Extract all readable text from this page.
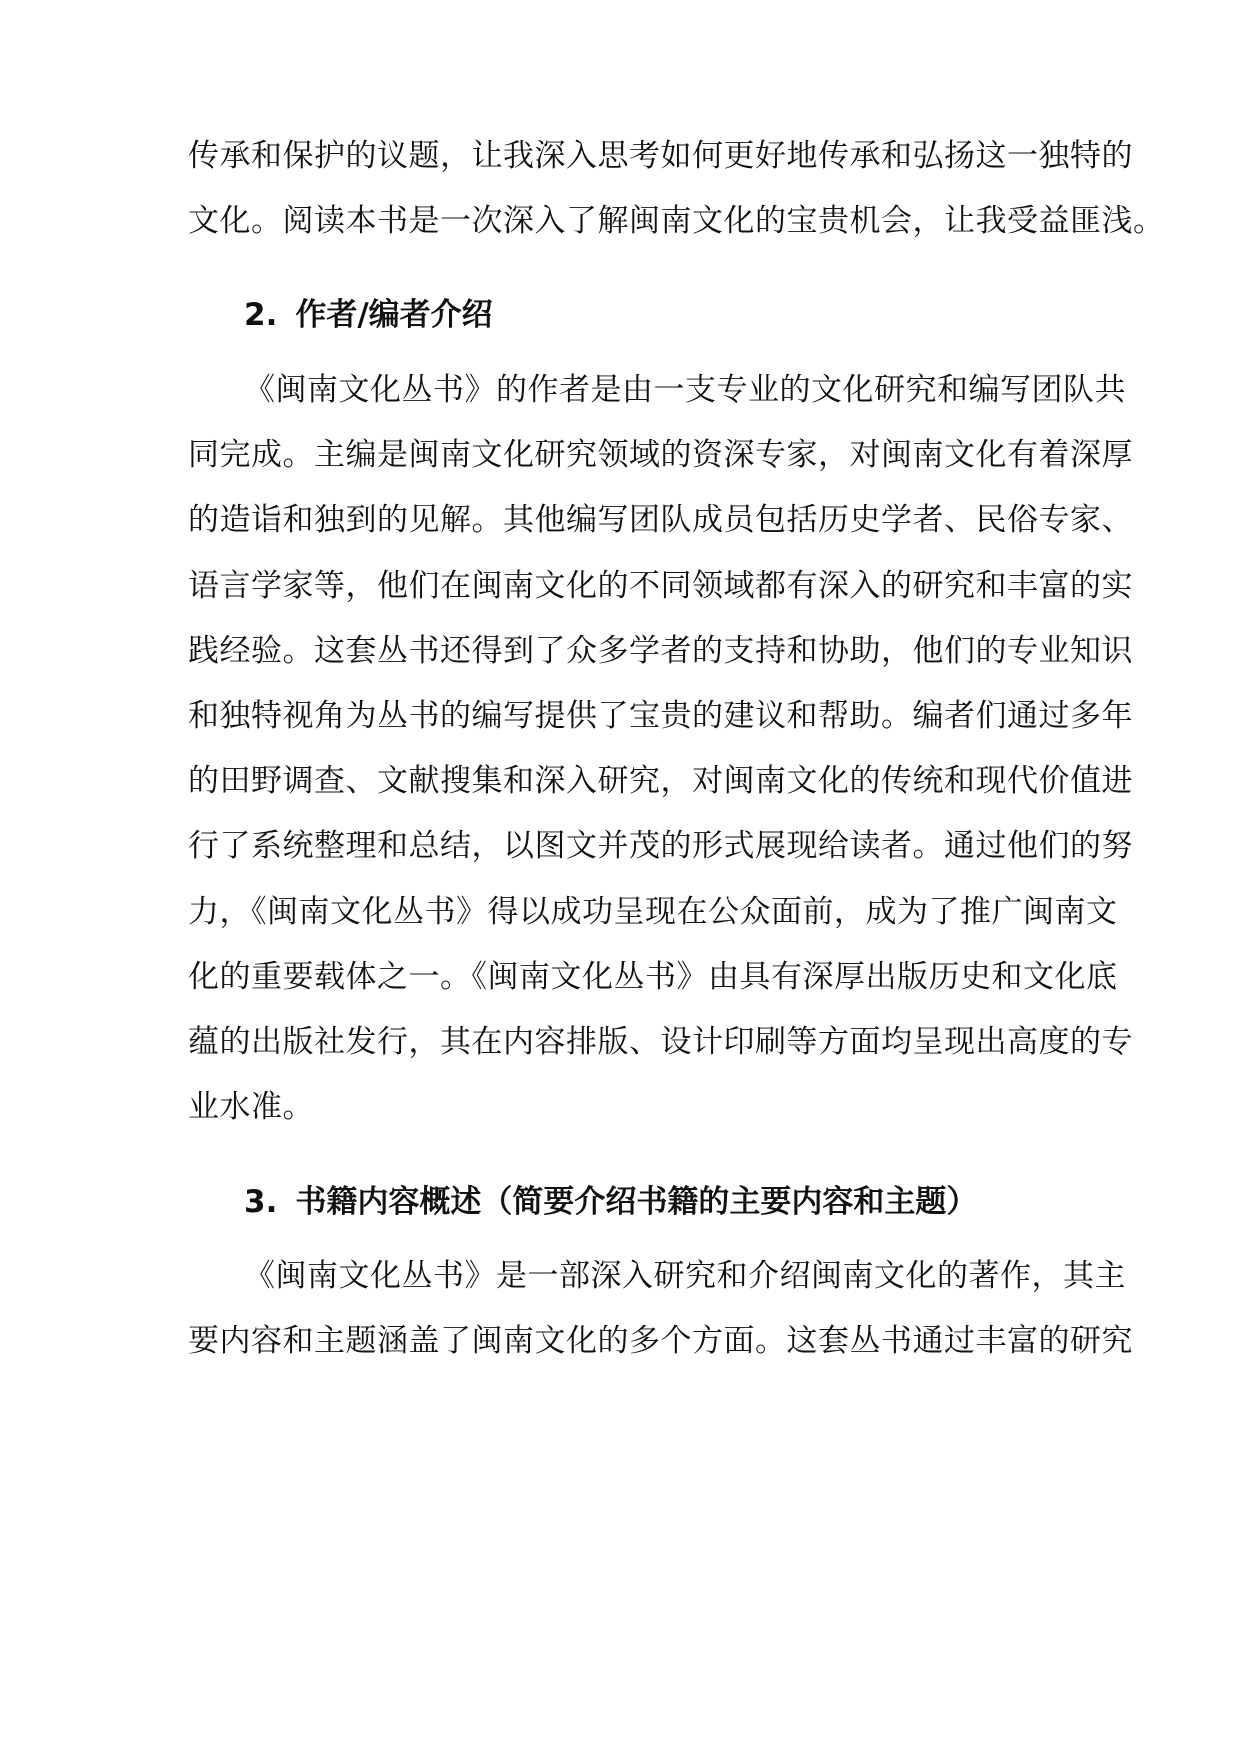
传承和保护的议题，让我深入思考如何更好地传承和弘扬这一独特的
文化。阅读本书是一次深入了解闽南文化的宝贵机会，让我受益匪浅。
2. 作者/编者介绍
《闽南文化丛书》的作者是由一支专业的文化研究和编写团队共
同完成。主编是闽南文化研究领域的资深专家，对闽南文化有着深厚
的造诣和独到的见解。其他编写团队成员包括历史学者、民俗专家、
语言学家等，他们在闽南文化的不同领域都有深入的研究和丰富的实
践经验。这套丛书还得到了众多学者的支持和协助，他们的专业知识
和独特视角为丛书的编写提供了宝贵的建议和帮助。编者们通过多年
的田野调查、文献搜集和深入研究，对闽南文化的传统和现代价值进
行了系统整理和总结，以图文并茂的形式展现给读者。通过他们的努
力，《闽南文化丛书》得以成功呈现在公众面前，成为了推广闽南文
化的重要载体之一。《闽南文化丛书》由具有深厚出版历史和文化底
蕴的出版社发行，其在内容排版、设计印刷等方面均呈现出高度的专
业水准。
3. 书籍内容概述（简要介绍书籍的主要内容和主题）
《闽南文化丛书》是一部深入研究和介绍闽南文化的著作，其主
要内容和主题涵盖了闽南文化的多个方面。这套丛书通过丰富的研究
